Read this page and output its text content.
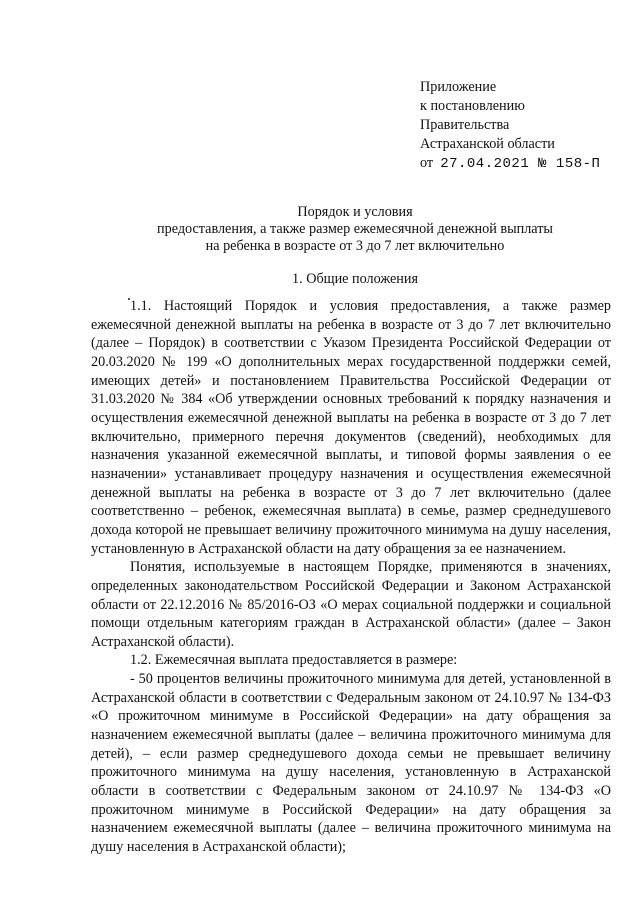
Приложение
к постановлению
Правительства
Астраханской области
от 27.04.2021 № 158-П
Порядок и условия
предоставления, а также размер ежемесячной денежной выплаты
на ребенка в возрасте от 3 до 7 лет включительно
1. Общие положения

1.1. Настоящий Порядок и условия предоставления, а также размер ежемесячной денежной выплаты на ребенка в возрасте от 3 до 7 лет включительно (далее – Порядок) в соответствии с Указом Президента Российской Федерации от 20.03.2020 № 199 «О дополнительных мерах государственной поддержки семей, имеющих детей» и постановлением Правительства Российской Федерации от 31.03.2020 № 384 «Об утверждении основных требований к порядку назначения и осуществления ежемесячной денежной выплаты на ребенка в возрасте от 3 до 7 лет включительно, примерного перечня документов (сведений), необходимых для назначения указанной ежемесячной выплаты, и типовой формы заявления о ее назначении» устанавливает процедуру назначения и осуществления ежемесячной денежной выплаты на ребенка в возрасте от 3 до 7 лет включительно (далее соответственно – ребенок, ежемесячная выплата) в семье, размер среднедушевого дохода которой не превышает величину прожиточного минимума на душу населения, установленную в Астраханской области на дату обращения за ее назначением.

Понятия, используемые в настоящем Порядке, применяются в значениях, определенных законодательством Российской Федерации и Законом Астраханской области от 22.12.2016 № 85/2016-ОЗ «О мерах социальной поддержки и социальной помощи отдельным категориям граждан в Астраханской области» (далее – Закон Астраханской области).

1.2. Ежемесячная выплата предоставляется в размере:

- 50 процентов величины прожиточного минимума для детей, установленной в Астраханской области в соответствии с Федеральным законом от 24.10.97 № 134-ФЗ «О прожиточном минимуме в Российской Федерации» на дату обращения за назначением ежемесячной выплаты (далее – величина прожиточного минимума для детей), – если размер среднедушевого дохода семьи не превышает величину прожиточного минимума на душу населения, установленную в Астраханской области в соответствии с Федеральным законом от 24.10.97 № 134-ФЗ «О прожиточном минимуме в Российской Федерации» на дату обращения за назначением ежемесячной выплаты (далее – величина прожиточного минимума на душу населения в Астраханской области);
